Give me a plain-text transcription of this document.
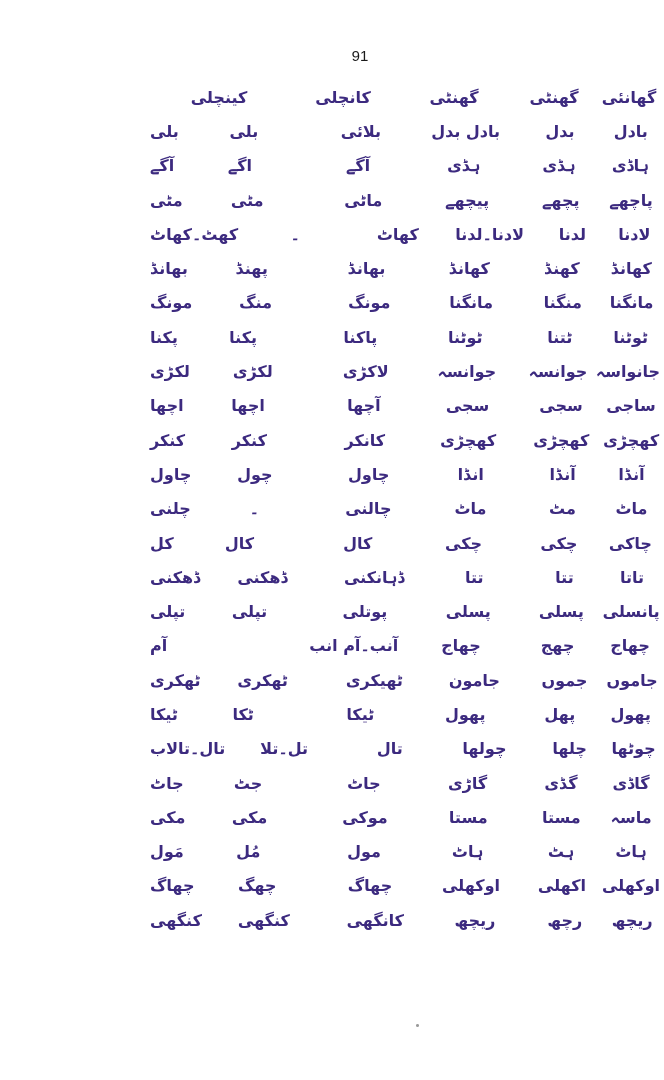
91
گھانئی
گھنٹی
گھنٹی
کانچلی
کینچلی
بادل
بدل
بادل بدل
بلائی
بلی
بلی
ہاڈی
ہڈی
ہڈی
آگے
اگے
آگے
پاچھے
پچھے
پیچھے
ماٹی
مٹی
مٹی
لادنا
لدنا
لادنا۔لدنا
کھاٹ
۔
کھٹ۔کھاٹ
کھانڈ
کھنڈ
کھانڈ
بھانڈ
پھنڈ
بھانڈ
مانگنا
منگنا
مانگنا
مونگ
منگ
مونگ
ٹوٹنا
ٹتنا
ٹوٹنا
پاکنا
پکنا
پکنا
جانواسہ
جوانسہ
جوانسہ
لاکڑی
لکڑی
لکڑی
ساجی
سجی
سجی
آچھا
اچھا
اچھا
کھچڑی
کھچڑی
کھچڑی
کانکر
کنکر
کنکر
آنڈا
آنڈا
انڈا
چاول
چول
چاول
ماٹ
مٹ
ماٹ
چالنی
۔
چلنی
چاکی
چکی
چکی
کال
کال
کل
تاتا
تتا
تتا
ڈہانکنی
ڈھکنی
ڈھکنی
پانسلی
پسلی
پسلی
پوتلی
تپلی
تپلی
چھاج
چھج
چھاج
آنب۔آم انب
آم
جاموں
جموں
جامون
ٹھیکری
ٹھکری
ٹھکری
پھول
پھل
پھول
ٹیکا
ٹکا
ٹیکا
چوٹھا
چلھا
چولھا
تال
تل۔تلا
تال۔تالاب
گاڈی
گڈی
گاڑی
جاٹ
جٹ
جاٹ
ماسہ
مستا
مستا
موکی
مکی
مکی
ہاٹ
ہٹ
ہاٹ
مول
مُل
مَول
اوکھلی
اکھلی
اوکھلی
چھاگ
چھگ
چھاگ
ریچھ
رچھ
ریچھ
کانگھی
کنگھی
کنگھی
